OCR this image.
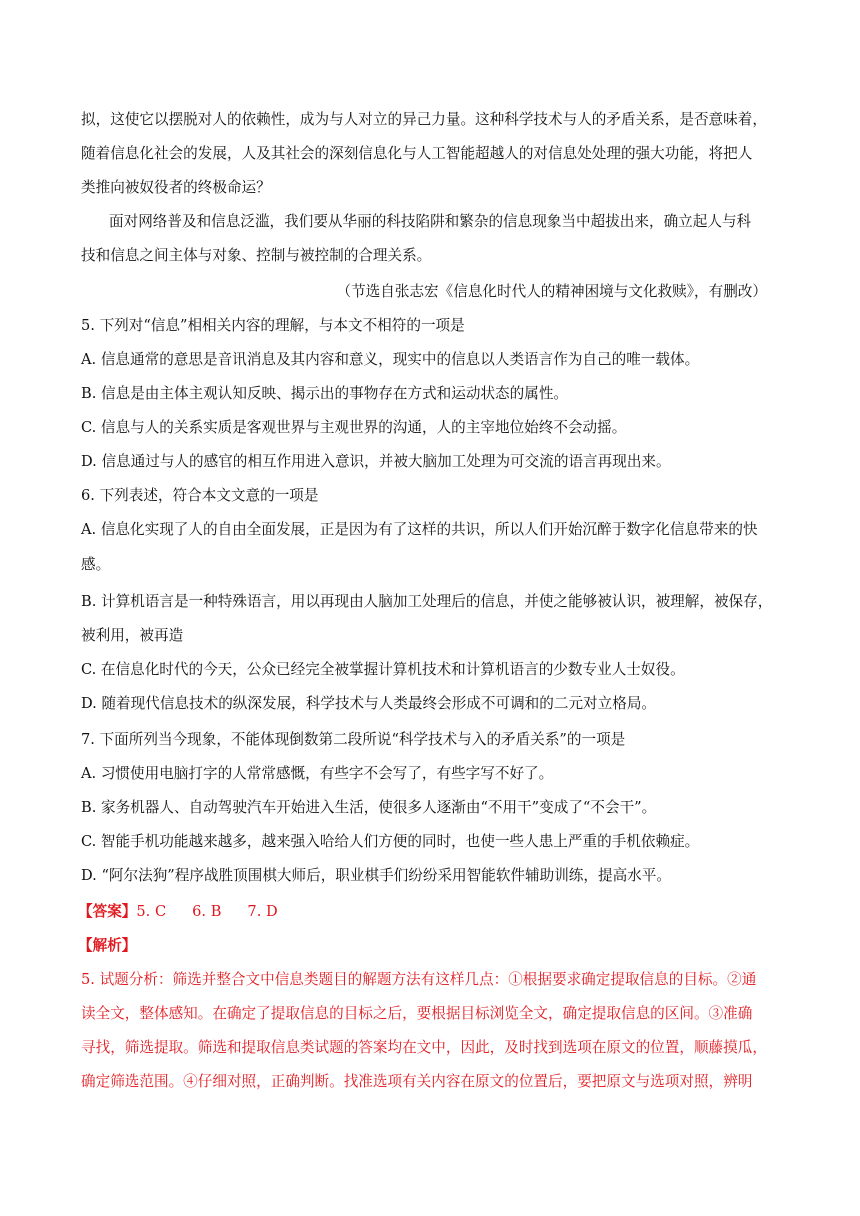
拟，这使它以摆脱对人的依赖性，成为与人对立的异己力量。这种科学技术与人的矛盾关系，是否意味着，
随着信息化社会的发展，人及其社会的深刻信息化与人工智能超越人的对信息处处理的强大功能，将把人
类推向被奴役者的终极命运？
面对网络普及和信息泛滥，我们要从华丽的科技陷阱和繁杂的信息现象当中超拔出来，确立起人与科
技和信息之间主体与对象、控制与被控制的合理关系。
（节选自张志宏《信息化时代人的精神困境与文化救赎》，有删改）
5. 下列对“信息”相相关内容的理解，与本文不相符的一项是
A. 信息通常的意思是音讯消息及其内容和意义，现实中的信息以人类语言作为自己的唯一载体。
B. 信息是由主体主观认知反映、揭示出的事物存在方式和运动状态的属性。
C. 信息与人的关系实质是客观世界与主观世界的沟通，人的主宰地位始终不会动摇。
D. 信息通过与人的感官的相互作用进入意识，并被大脑加工处理为可交流的语言再现出来。
6. 下列表述，符合本文文意的一项是
A. 信息化实现了人的自由全面发展，正是因为有了这样的共识，所以人们开始沉醉于数字化信息带来的快
感。
B. 计算机语言是一种特殊语言，用以再现由人脑加工处理后的信息，并使之能够被认识，被理解，被保存，
被利用，被再造
C. 在信息化时代的今天，公众已经完全被掌握计算机技术和计算机语言的少数专业人士奴役。
D. 随着现代信息技术的纵深发展，科学技术与人类最终会形成不可调和的二元对立格局。
7. 下面所列当今现象，不能体现倒数第二段所说“科学技术与入的矛盾关系”的一项是
A. 习惯使用电脑打字的人常常感慨，有些字不会写了，有些字写不好了。
B. 家务机器人、自动驾驶汽车开始进入生活，使很多人逐渐由“不用干”变成了“不会干”。
C. 智能手机功能越来越多，越来强入哈给人们方便的同时，也使一些人患上严重的手机依赖症。
D. “阿尔法狗”程序战胜顶围棋大师后，职业棋手们纷纷采用智能软件辅助训练，提高水平。
【答案】5. C 6. B 7. D
【解析】
5. 试题分析：筛选并整合文中信息类题目的解题方法有这样几点：①根据要求确定提取信息的目标。②通
读全文，整体感知。在确定了提取信息的目标之后，要根据目标浏览全文，确定提取信息的区间。③准确
寻找，筛选提取。筛选和提取信息类试题的答案均在文中，因此，及时找到选项在原文的位置，顺藤摸瓜，
确定筛选范围。④仔细对照，正确判断。找准选项有关内容在原文的位置后，要把原文与选项对照，辨明
